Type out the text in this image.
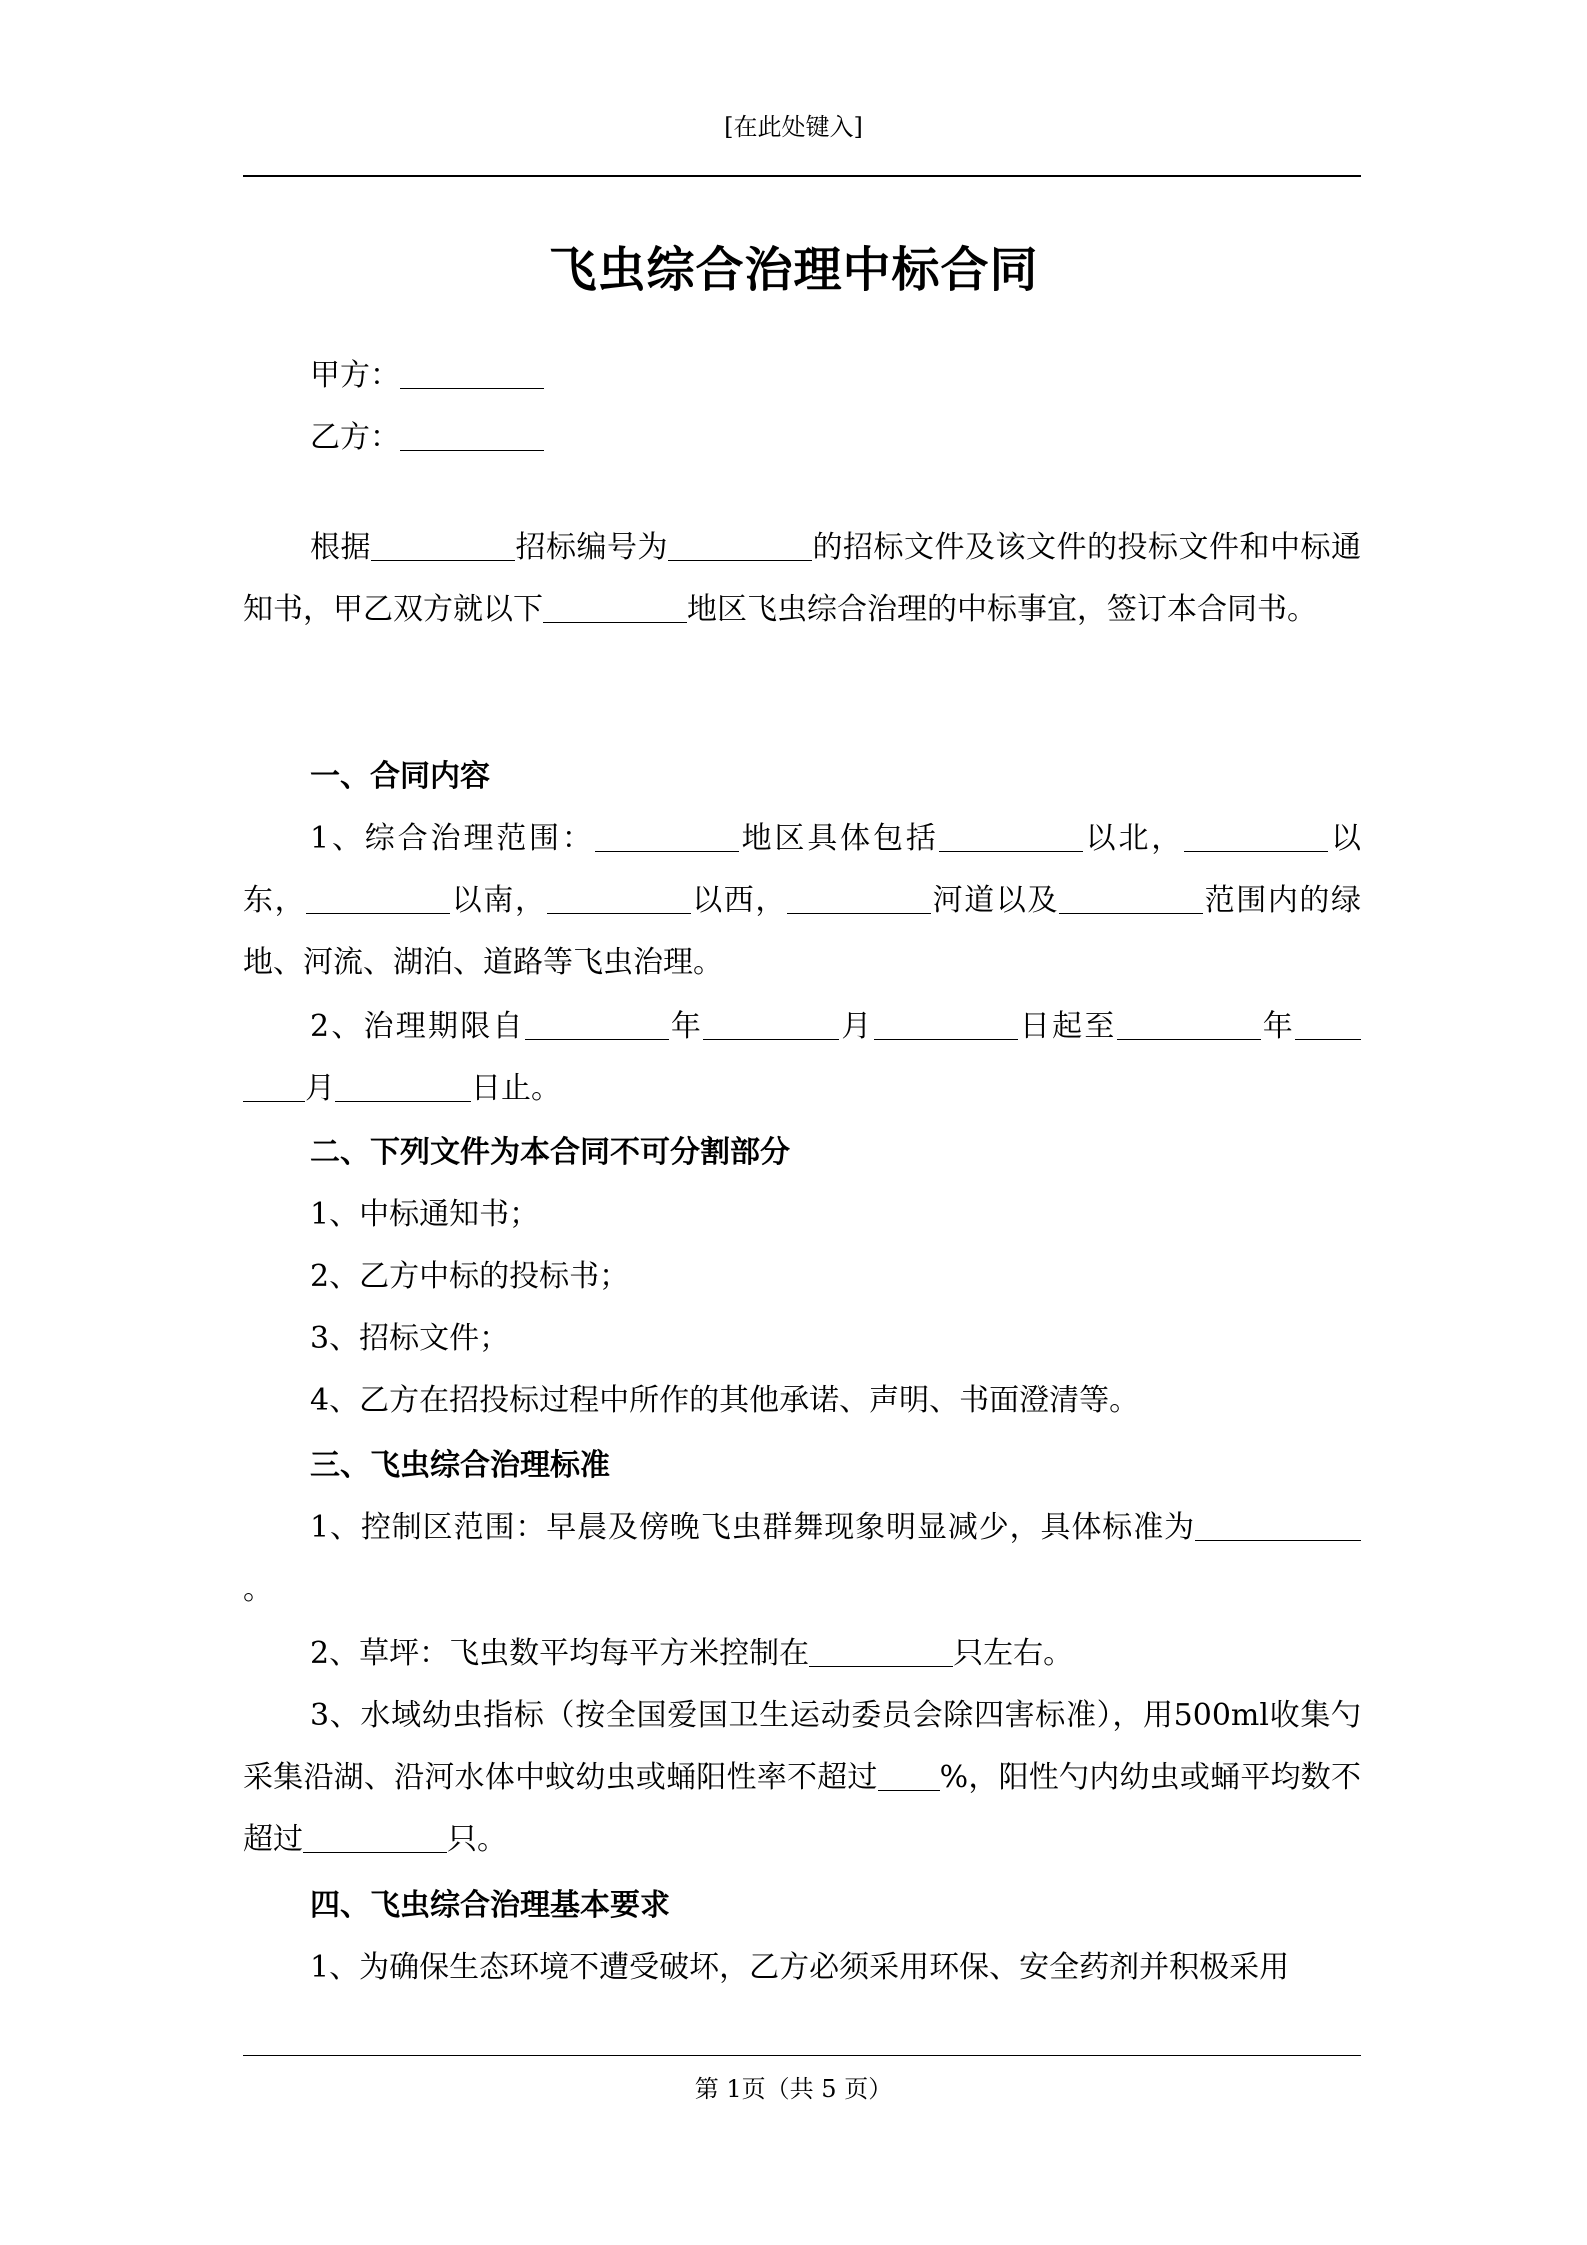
[在此处键入]
飞虫综合治理中标合同
甲方：
乙方：
根据	招标编号为	的招标文件及该文件的投标文件和中标通知书，甲乙双方就以下	地区飞虫综合治理的中标事宜，签订本合同书。
一、合同内容
1、综合治理范围：	地区具体包括	以北，	以东，	以南，	以西，	河道以及	范围内的绿地、河流、湖泊、道路等飞虫治理。
2、治理期限自	年	月	日起至	年月	日止。
二、下列文件为本合同不可分割部分
1、中标通知书；
2、乙方中标的投标书；
3、招标文件；
4、乙方在招投标过程中所作的其他承诺、声明、书面澄清等。
三、飞虫综合治理标准
1、控制区范围：早晨及傍晚飞虫群舞现象明显减少，具体标准为。
2、草坪：飞虫数平均每平方米控制在	只左右。
3、水域幼虫指标（按全国爱国卫生运动委员会除四害标准），用500ml收集勺采集沿湖、沿河水体中蚊幼虫或蛹阳性率不超过 %，阳性勺内幼虫或蛹平均数不超过	只。
四、飞虫综合治理基本要求
1、为确保生态环境不遭受破坏，乙方必须采用环保、安全药剂并积极采用
第 1页（共 5 页）
